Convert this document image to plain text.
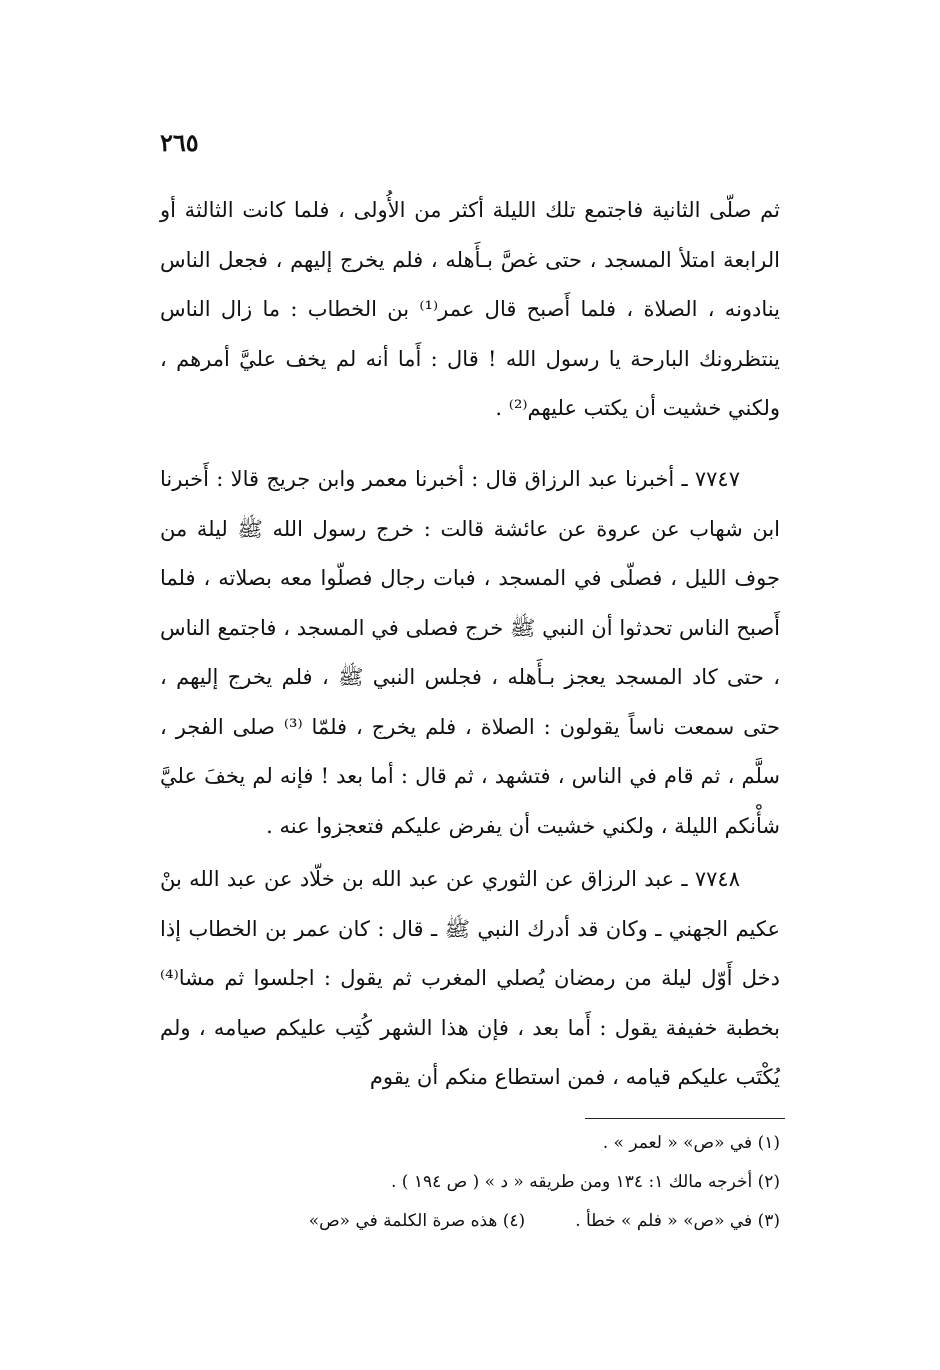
٢٦٥

ثم صلّى الثانية فاجتمع تلك الليلة أكثر من الأُولى ، فلما كانت الثالثة أو الرابعة امتلأ المسجد ، حتى غصَّ بـأَهله ، فلم يخرج إليهم ، فجعل الناس ينادونه ، الصلاة ، فلما أَصبح قال عمر⁽¹⁾ بن الخطاب : ما زال الناس ينتظرونك البارحة يا رسول الله ! قال : أَما أنه لم يخف عليَّ أمرهم ، ولكني خشيت أن يكتب عليهم⁽²⁾ .

٧٧٤٧ ـ أخبرنا عبد الرزاق قال : أخبرنا معمر وابن جريج قالا : أَخبرنا ابن شهاب عن عروة عن عائشة قالت : خرج رسول الله ﷺ ليلة من جوف الليل ، فصلّى في المسجد ، فبات رجال فصلّوا معه بصلاته ، فلما أَصبح الناس تحدثوا أن النبي ﷺ خرج فصلى في المسجد ، فاجتمع الناس ، حتى كاد المسجد يعجز بـأَهله ، فجلس النبي ﷺ ، فلم يخرج إليهم ، حتى سمعت ناساً يقولون : الصلاة ، فلم يخرج ، فلمّا ⁽³⁾ صلى الفجر ، سلَّم ، ثم قام في الناس ، فتشهد ، ثم قال : أما بعد ! فإنه لم يخفَ عليَّ شأْنكم الليلة ، ولكني خشيت أن يفرض عليكم فتعجزوا عنه .

٧٧٤٨ ـ عبد الرزاق عن الثوري عن عبد الله بن خلّاد عن عبد الله بنْ عكيم الجهني ـ وكان قد أدرك النبي ﷺ ـ قال : كان عمر بن الخطاب إذا دخل أَوّل ليلة من رمضان يُصلي المغرب ثم يقول : اجلسوا ثم مشا⁽⁴⁾ بخطبة خفيفة يقول : أَما بعد ، فإن هذا الشهر كُتِب عليكم صيامه ، ولم يُكْتَب عليكم قيامه ، فمن استطاع منكم أن يقوم

(١) في «ص» « لعمر » .

(٢) أخرجه مالك ١: ١٣٤ ومن طريقه « د » ( ص ١٩٤ ) .

(٣) في «ص» « فلم » خطأ .
(٤) هذه صرة الكلمة في «ص»
